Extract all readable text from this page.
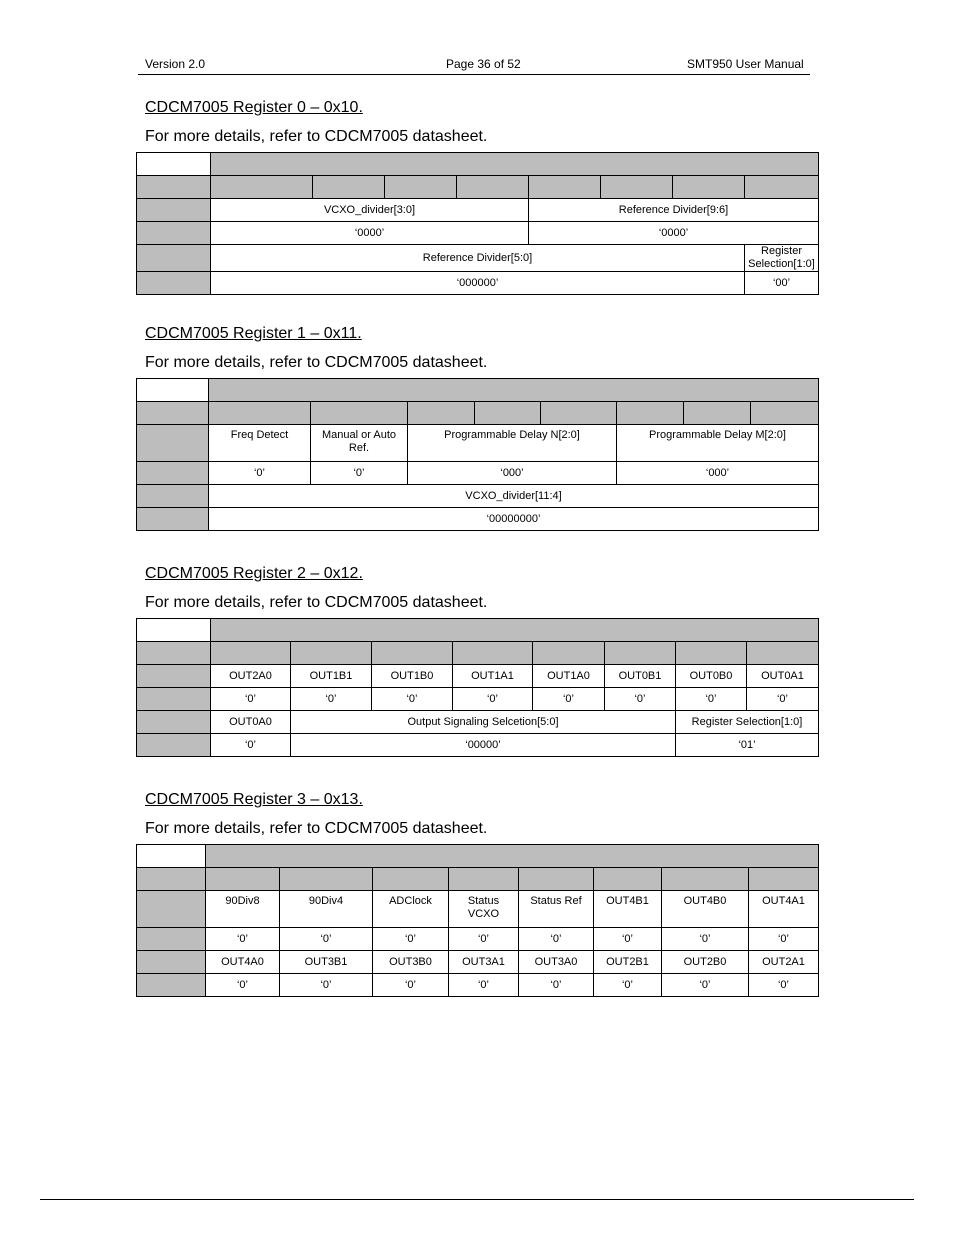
Version 2.0	Page 36 of 52	SMT950 User Manual
CDCM7005 Register 0 – 0x10.
For more details, refer to CDCM7005 datasheet.

	VCXO_divider[3:0]				Reference Divider[9:6]			
	‘0000’				‘0000’			
	Reference Divider[5:0]							Register Selection[1:0]
	‘000000’							‘00’
CDCM7005 Register 1 – 0x11.
For more details, refer to CDCM7005 datasheet.

	Freq Detect	Manual or Auto Ref.	Programmable Delay N[2:0]			Programmable Delay M[2:0]		
	‘0’	‘0’	‘000’			‘000’		
	VCXO_divider[11:4]							
	‘00000000’							
CDCM7005 Register 2 – 0x12.
For more details, refer to CDCM7005 datasheet.

	OUT2A0	OUT1B1	OUT1B0	OUT1A1	OUT1A0	OUT0B1	OUT0B0	OUT0A1
	‘0’	‘0’	‘0’	‘0’	‘0’	‘0’	‘0’	‘0’
	OUT0A0	Output Signaling Selcetion[5:0]					Register Selection[1:0]	
	‘0’	‘00000’					‘01’	
CDCM7005 Register 3 – 0x13.
For more details, refer to CDCM7005 datasheet.

	90Div8	90Div4	ADClock	Status VCXO	Status Ref	OUT4B1	OUT4B0	OUT4A1
	‘0’	‘0’	‘0’	‘0’	‘0’	‘0’	‘0’	‘0’
	OUT4A0	OUT3B1	OUT3B0	OUT3A1	OUT3A0	OUT2B1	OUT2B0	OUT2A1
	‘0’	‘0’	‘0’	‘0’	‘0’	‘0’	‘0’	‘0’
